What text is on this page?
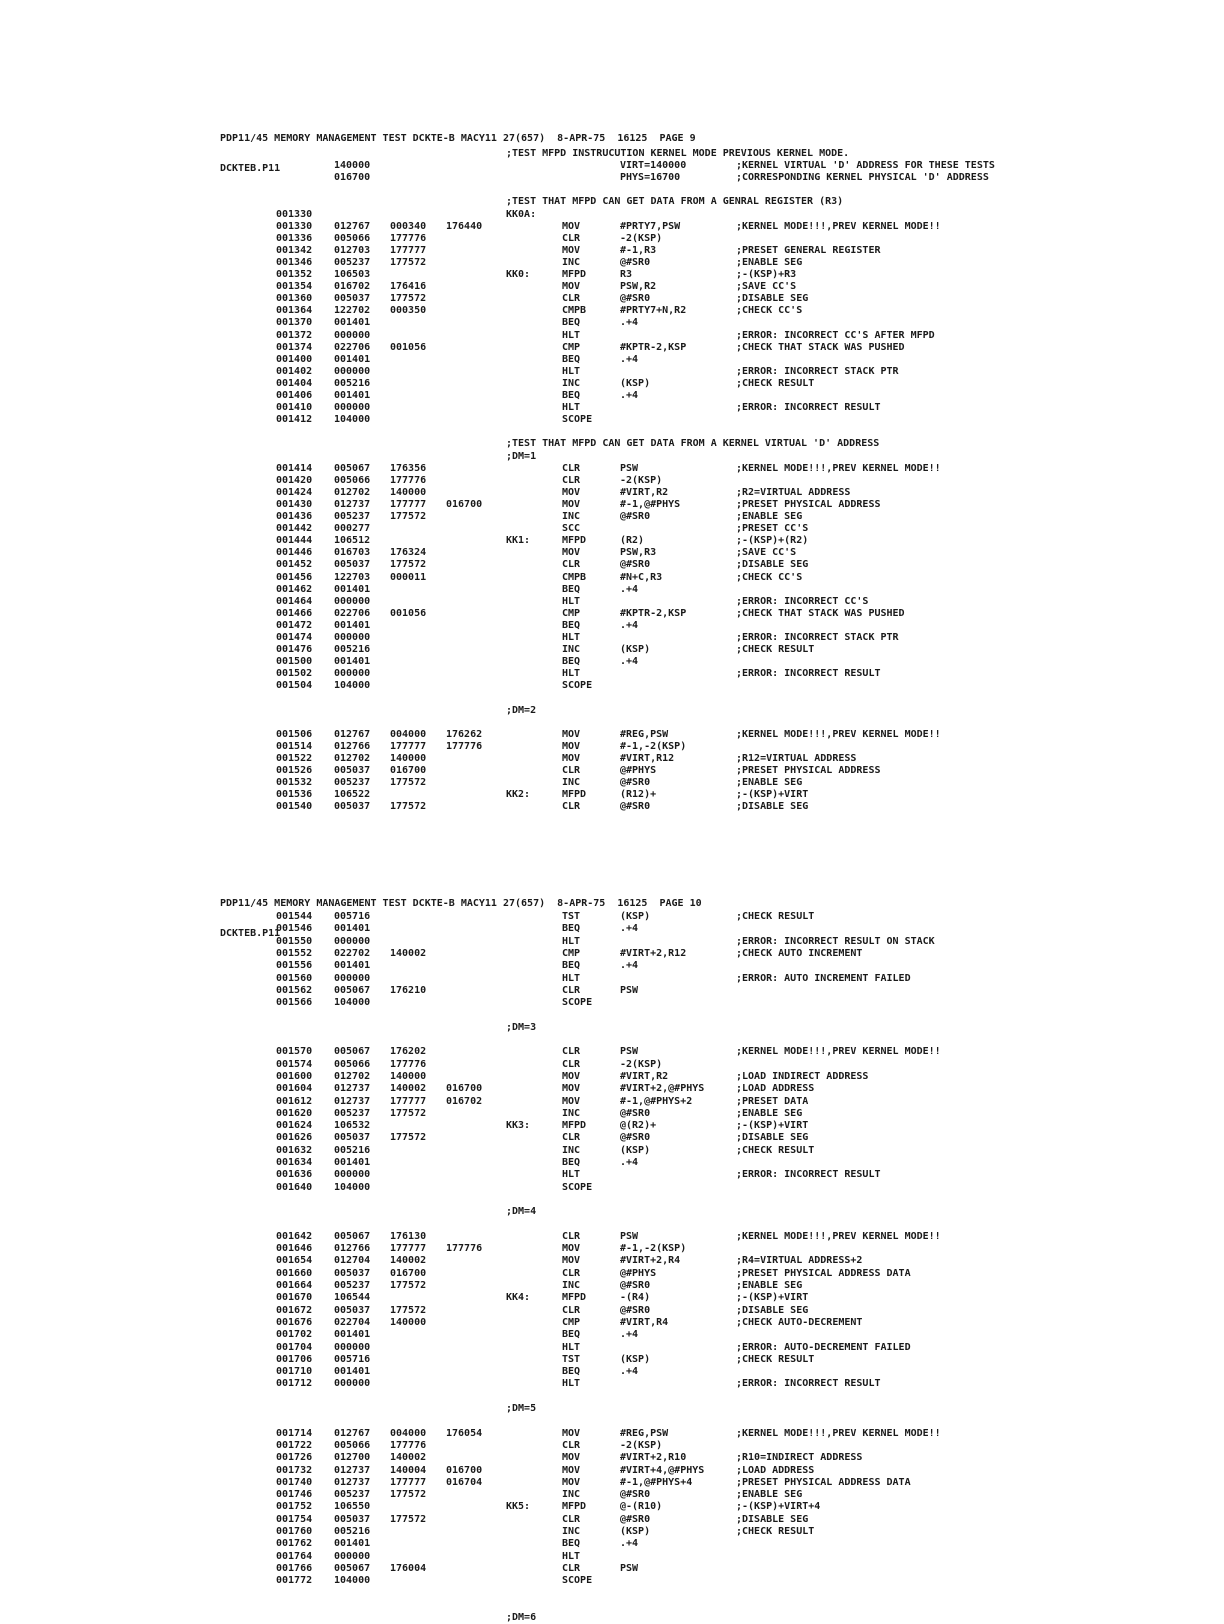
PDP11/45 MEMORY MANAGEMENT TEST DCKTE-B MACY11 27(657)  8-APR-75  16125  PAGE 9

DCKTEB.P11

;TEST MFPD INSTRUCUTION KERNEL MODE PREVIOUS KERNEL MODE.
140000	VIRT=140000	;KERNEL VIRTUAL 'D' ADDRESS FOR THESE TESTS
016700	PHYS=16700	;CORRESPONDING KERNEL PHYSICAL 'D' ADDRESS
;TEST THAT MFPD CAN GET DATA FROM A GENRAL REGISTER (R3)
001330	KK0A:
001330 012767 000340 176440	MOV	#PRTY7,PSW	;KERNEL MODE!!!,PREV KERNEL MODE!!
001336 005066 177776	CLR	-2(KSP)
001342 012703 177777	MOV	#-1,R3	;PRESET GENERAL REGISTER
001346 005237 177572	INC	@#SR0	;ENABLE SEG
001352 106503	KK0:	MFPD	R3	;-(KSP)+R3
001354 016702 176416	MOV	PSW,R2	;SAVE CC'S
001360 005037 177572	CLR	@#SR0	;DISABLE SEG
001364 122702 000350	CMPB	#PRTY7+N,R2	;CHECK CC'S
001370 001401	BEQ	.+4
001372 000000	HLT	;ERROR: INCORRECT CC'S AFTER MFPD
001374 022706 001056	CMP	#KPTR-2,KSP	;CHECK THAT STACK WAS PUSHED
001400 001401	BEQ	.+4
001402 000000	HLT	;ERROR: INCORRECT STACK PTR
001404 005216	INC	(KSP)	;CHECK RESULT
001406 001401	BEQ	.+4
001410 000000	HLT	;ERROR: INCORRECT RESULT
001412 104000	SCOPE
;TEST THAT MFPD CAN GET DATA FROM A KERNEL VIRTUAL 'D' ADDRESS
;DM=1
001414 005067 176356	CLR	PSW	;KERNEL MODE!!!,PREV KERNEL MODE!!
001420 005066 177776	CLR	-2(KSP)
001424 012702 140000	MOV	#VIRT,R2	;R2=VIRTUAL ADDRESS
001430 012737 177777 016700	MOV	#-1,@#PHYS	;PRESET PHYSICAL ADDRESS
001436 005237 177572	INC	@#SR0	;ENABLE SEG
001442 000277	SCC	;PRESET CC'S
001444 106512	KK1:	MFPD	(R2)	;-(KSP)+(R2)
001446 016703 176324	MOV	PSW,R3	;SAVE CC'S
001452 005037 177572	CLR	@#SR0	;DISABLE SEG
001456 122703 000011	CMPB	#N+C,R3	;CHECK CC'S
001462 001401	BEQ	.+4
001464 000000	HLT	;ERROR: INCORRECT CC'S
001466 022706 001056	CMP	#KPTR-2,KSP	;CHECK THAT STACK WAS PUSHED
001472 001401	BEQ	.+4
001474 000000	HLT	;ERROR: INCORRECT STACK PTR
001476 005216	INC	(KSP)	;CHECK RESULT
001500 001401	BEQ	.+4
001502 000000	HLT	;ERROR: INCORRECT RESULT
001504 104000	SCOPE
;DM=2
001506 012767 004000 176262	MOV	#REG,PSW	;KERNEL MODE!!!,PREV KERNEL MODE!!
001514 012766 177777 177776	MOV	#-1,-2(KSP)
001522 012702 140000	MOV	#VIRT,R12	;R12=VIRTUAL ADDRESS
001526 005037 016700	CLR	@#PHYS	;PRESET PHYSICAL ADDRESS
001532 005237 177572	INC	@#SR0	;ENABLE SEG
001536 106522	KK2:	MFPD	(R12)+	;-(KSP)+VIRT
001540 005037 177572	CLR	@#SR0	;DISABLE SEG

PDP11/45 MEMORY MANAGEMENT TEST DCKTE-B MACY11 27(657)  8-APR-75  16125  PAGE 10

DCKTEB.P11

001544 005716	TST	(KSP)	;CHECK RESULT
001546 001401	BEQ	.+4
001550 000000	HLT	;ERROR: INCORRECT RESULT ON STACK
001552 022702 140002	CMP	#VIRT+2,R12	;CHECK AUTO INCREMENT
001556 001401	BEQ	.+4
001560 000000	HLT	;ERROR: AUTO INCREMENT FAILED
001562 005067 176210	CLR	PSW
001566 104000	SCOPE
;DM=3
001570 005067 176202	CLR	PSW	;KERNEL MODE!!!,PREV KERNEL MODE!!
001574 005066 177776	CLR	-2(KSP)
001600 012702 140000	MOV	#VIRT,R2	;LOAD INDIRECT ADDRESS
001604 012737 140002 016700	MOV	#VIRT+2,@#PHYS	;LOAD ADDRESS
001612 012737 177777 016702	MOV	#-1,@#PHYS+2	;PRESET DATA
001620 005237 177572	INC	@#SR0	;ENABLE SEG
001624 106532	KK3:	MFPD	@(R2)+	;-(KSP)+VIRT
001626 005037 177572	CLR	@#SR0	;DISABLE SEG
001632 005216	INC	(KSP)	;CHECK RESULT
001634 001401	BEQ	.+4
001636 000000	HLT	;ERROR: INCORRECT RESULT
001640 104000	SCOPE
;DM=4
001642 005067 176130	CLR	PSW	;KERNEL MODE!!!,PREV KERNEL MODE!!
001646 012766 177777 177776	MOV	#-1,-2(KSP)
001654 012704 140002	MOV	#VIRT+2,R4	;R4=VIRTUAL ADDRESS+2
001660 005037 016700	CLR	@#PHYS	;PRESET PHYSICAL ADDRESS DATA
001664 005237 177572	INC	@#SR0	;ENABLE SEG
001670 106544	KK4:	MFPD	-(R4)	;-(KSP)+VIRT
001672 005037 177572	CLR	@#SR0	;DISABLE SEG
001676 022704 140000	CMP	#VIRT,R4	;CHECK AUTO-DECREMENT
001702 001401	BEQ	.+4
001704 000000	HLT	;ERROR: AUTO-DECREMENT FAILED
001706 005716	TST	(KSP)	;CHECK RESULT
001710 001401	BEQ	.+4
001712 000000	HLT	;ERROR: INCORRECT RESULT
;DM=5
001714 012767 004000 176054	MOV	#REG,PSW	;KERNEL MODE!!!,PREV KERNEL MODE!!
001722 005066 177776	CLR	-2(KSP)
001726 012700 140002	MOV	#VIRT+2,R10	;R10=INDIRECT ADDRESS
001732 012737 140004 016700	MOV	#VIRT+4,@#PHYS	;LOAD ADDRESS
001740 012737 177777 016704	MOV	#-1,@#PHYS+4	;PRESET PHYSICAL ADDRESS DATA
001746 005237 177572	INC	@#SR0	;ENABLE SEG
001752 106550	KK5:	MFPD	@-(R10)	;-(KSP)+VIRT+4
001754 005037 177572	CLR	@#SR0	;DISABLE SEG
001760 005216	INC	(KSP)	;CHECK RESULT
001762 001401	BEQ	.+4
001764 000000	HLT
001766 005067 176004	CLR	PSW
001772 104000	SCOPE
;DM=6
